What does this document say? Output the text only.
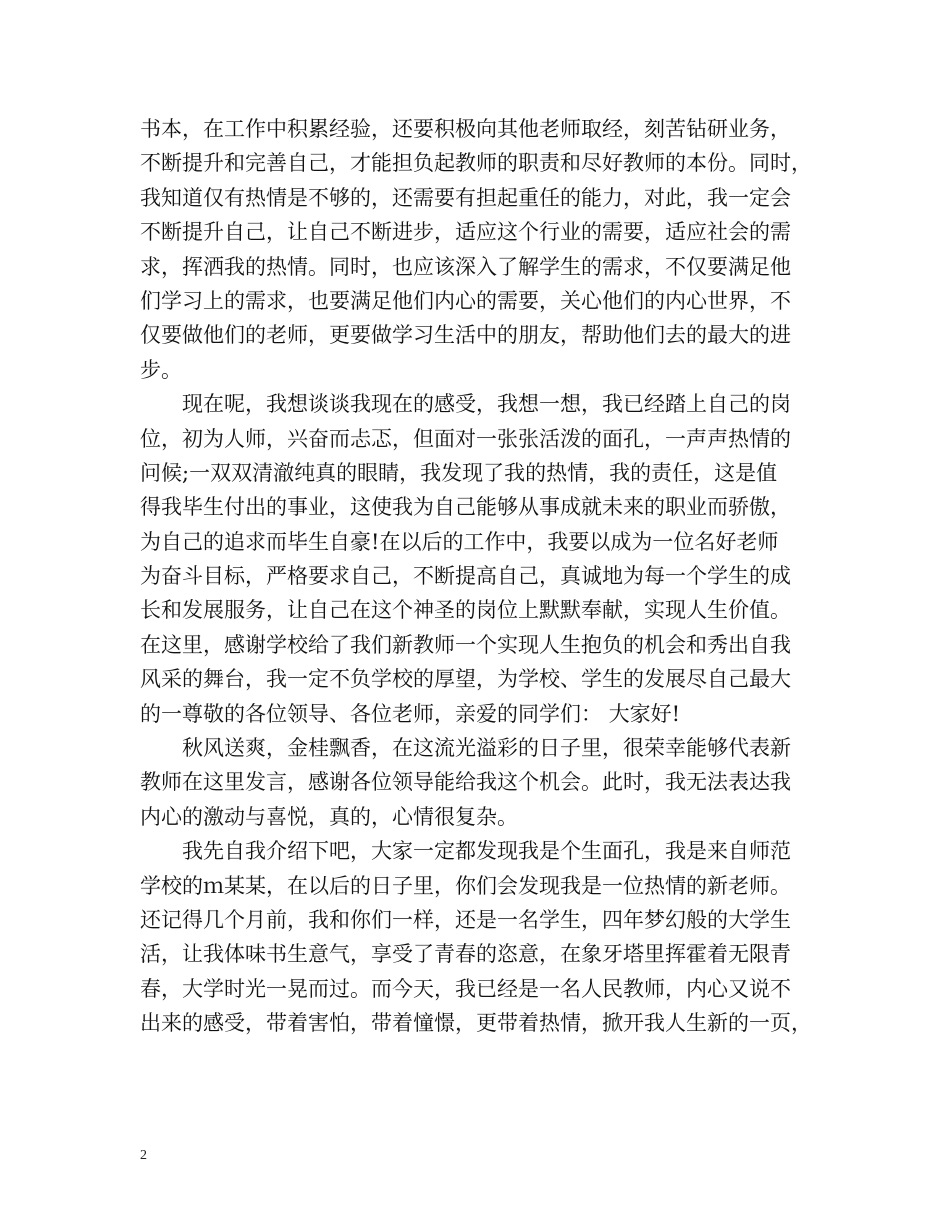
书本，在工作中积累经验，还要积极向其他老师取经，刻苦钻研业务，
不断提升和完善自己，才能担负起教师的职责和尽好教师的本份。同时，
我知道仅有热情是不够的，还需要有担起重任的能力，对此，我一定会
不断提升自己，让自己不断进步，适应这个行业的需要，适应社会的需
求，挥洒我的热情。同时，也应该深入了解学生的需求，不仅要满足他
们学习上的需求，也要满足他们内心的需要，关心他们的内心世界，不
仅要做他们的老师，更要做学习生活中的朋友，帮助他们去的最大的进
步。
现在呢，我想谈谈我现在的感受，我想一想，我已经踏上自己的岗
位，初为人师，兴奋而忐忑，但面对一张张活泼的面孔，一声声热情的
问候;一双双清澈纯真的眼睛，我发现了我的热情，我的责任，这是值
得我毕生付出的事业，这使我为自己能够从事成就未来的职业而骄傲，
为自己的追求而毕生自豪!在以后的工作中，我要以成为一位名好老师
为奋斗目标，严格要求自己，不断提高自己，真诚地为每一个学生的成
长和发展服务，让自己在这个神圣的岗位上默默奉献，实现人生价值。
在这里，感谢学校给了我们新教师一个实现人生抱负的机会和秀出自我
风采的舞台，我一定不负学校的厚望，为学校、学生的发展尽自己最大
的一尊敬的各位领导、各位老师，亲爱的同学们： 大家好!
秋风送爽，金桂飘香，在这流光溢彩的日子里，很荣幸能够代表新
教师在这里发言，感谢各位领导能给我这个机会。此时，我无法表达我
内心的激动与喜悦，真的，心情很复杂。
我先自我介绍下吧，大家一定都发现我是个生面孔，我是来自师范
学校的ｍ某某，在以后的日子里，你们会发现我是一位热情的新老师。
还记得几个月前，我和你们一样，还是一名学生，四年梦幻般的大学生
活，让我体味书生意气，享受了青春的恣意，在象牙塔里挥霍着无限青
春，大学时光一晃而过。而今天，我已经是一名人民教师，内心又说不
出来的感受，带着害怕，带着憧憬，更带着热情，掀开我人生新的一页，
2
